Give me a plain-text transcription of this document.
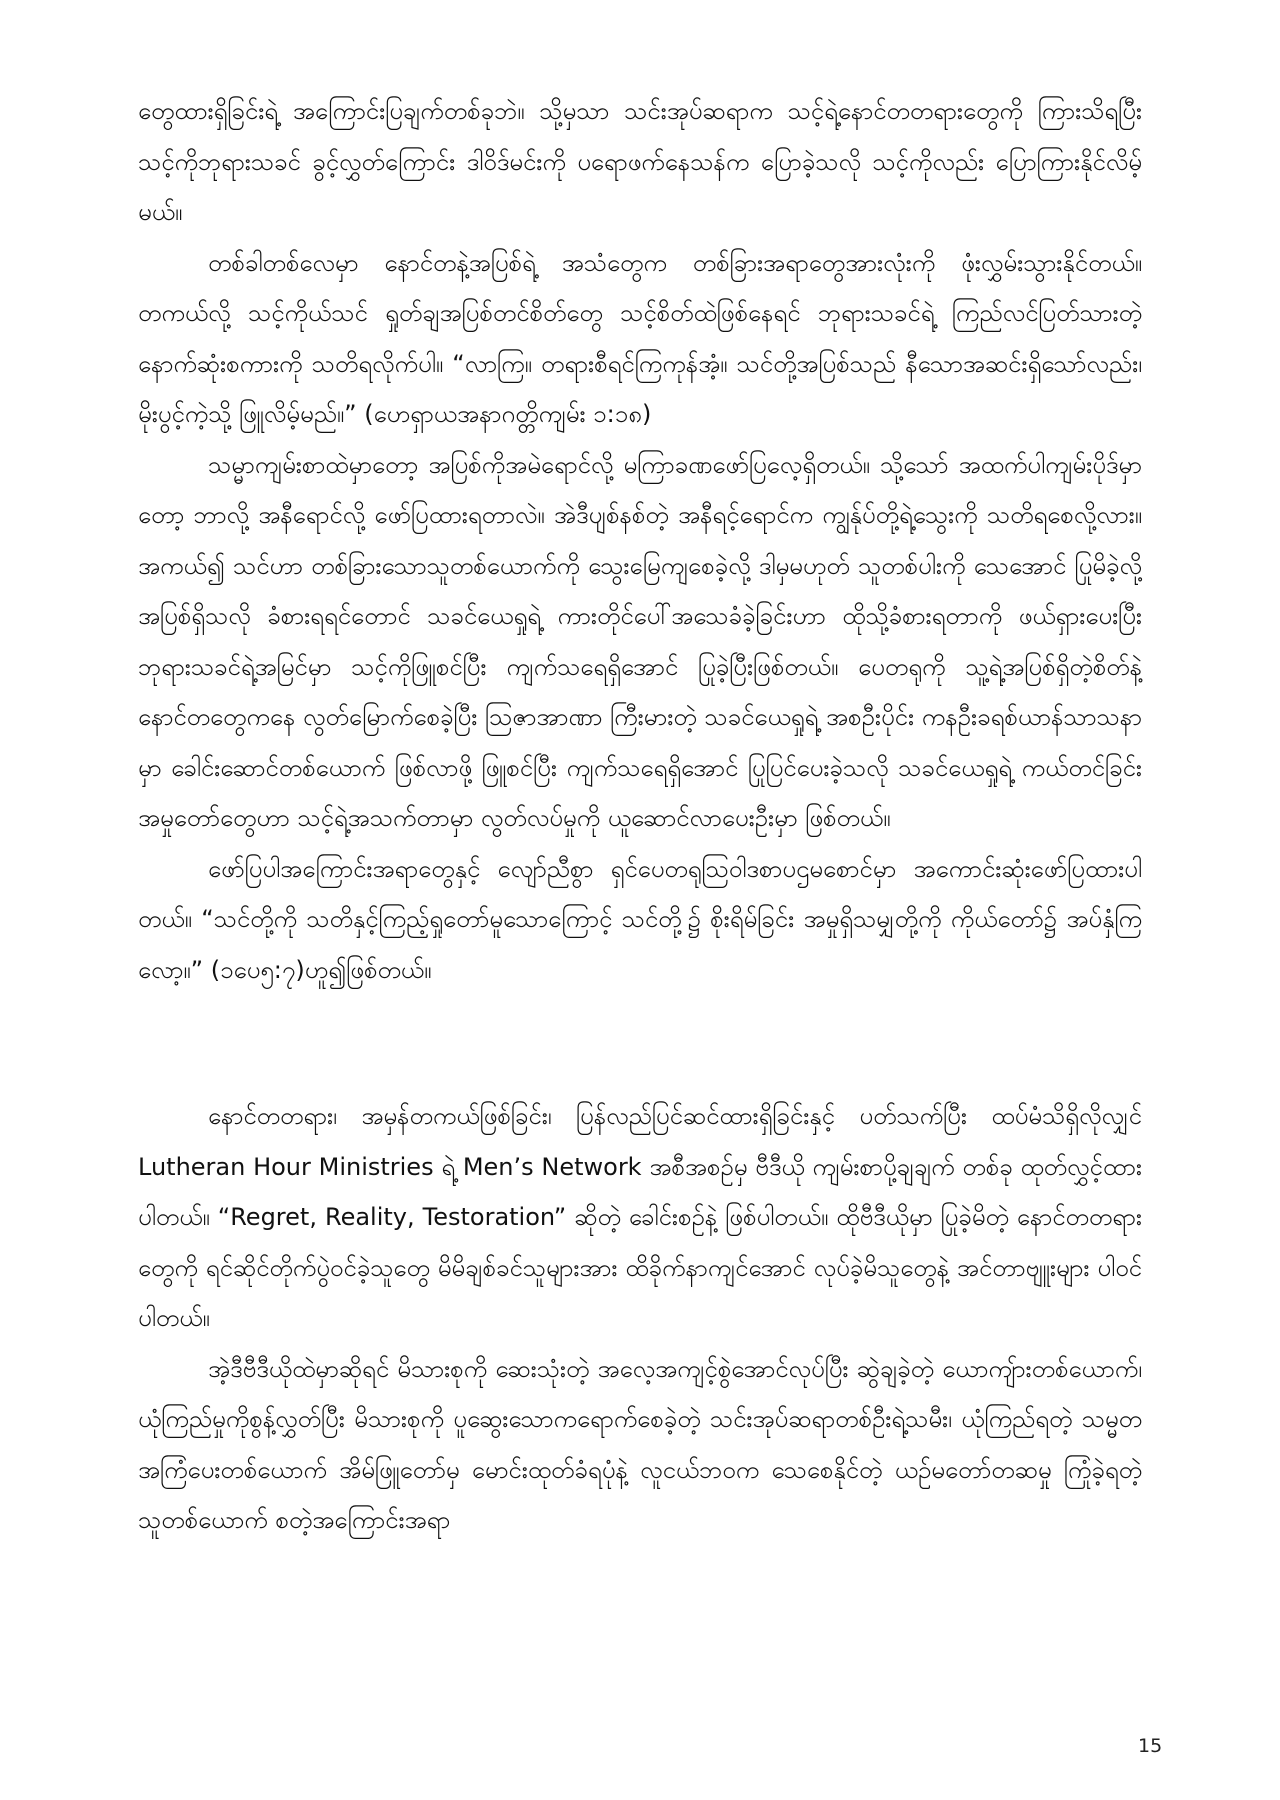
တွေထားရှိခြင်းရဲ့ အကြောင်းပြချက်တစ်ခုဘဲ။ သို့မှသာ သင်းအုပ်ဆရာက သင့်ရဲ့နောင်တတရားတွေကို ကြားသိရပြီး သင့်ကိုဘုရားသခင် ခွင့်လွှတ်ကြောင်း ဒါဝိဒ်မင်းကို ပရောဖက်နေသန်က ပြောခဲ့သလို သင့်ကိုလည်း ပြောကြားနိုင်လိမ့်မယ်။

တစ်ခါတစ်လေမှာ နောင်တနဲ့အပြစ်ရဲ့ အသံတွေက တစ်ခြားအရာတွေအားလုံးကို ဖုံးလွှမ်းသွားနိုင်တယ်။ တကယ်လို့ သင့်ကိုယ်သင် ရှုတ်ချအပြစ်တင်စိတ်တွေ သင့်စိတ်ထဲဖြစ်နေရင် ဘုရားသခင်ရဲ့ ကြည်လင်ပြတ်သားတဲ့ နောက်ဆုံးစကားကို သတိရလိုက်ပါ။ “လာကြ။ တရားစီရင်ကြကုန်အံ့။ သင်တို့အပြစ်သည် နီသောအဆင်းရှိသော်လည်း၊ မိုးပွင့်ကဲ့သို့ ဖြူလိမ့်မည်။” (ဟေရှာယအနာဂတ္တိကျမ်း ၁:၁၈)

သမ္မာကျမ်းစာထဲမှာတော့ အပြစ်ကိုအမဲရောင်လို့ မကြာခဏဖော်ပြလေ့ရှိတယ်။ သို့သော် အထက်ပါကျမ်းပိုဒ်မှာတော့ ဘာလို့ အနီရောင်လို့ ဖော်ပြထားရတာလဲ။ အဲဒီပျစ်နစ်တဲ့ အနီရင့်ရောင်က ကျွန်ုပ်တို့ရဲ့သွေးကို သတိရစေလို့လား။ အကယ်၍ သင်ဟာ တစ်ခြားသောသူတစ်ယောက်ကို သွေးမြေကျစေခဲ့လို့ ဒါမှမဟုတ် သူတစ်ပါးကို သေအောင် ပြုမိခဲ့လို့ အပြစ်ရှိသလို ခံစားရရင်တောင် သခင်ယေရှုရဲ့ ကားတိုင်ပေါ်အသေခံခဲ့ခြင်းဟာ ထိုသို့ခံစားရတာကို ဖယ်ရှားပေးပြီး ဘုရားသခင်ရဲ့အမြင်မှာ သင့်ကိုဖြူစင်ပြီး ကျက်သရေရှိအောင် ပြုခဲ့ပြီးဖြစ်တယ်။ ပေတရုကို သူ့ရဲ့အပြစ်ရှိတဲ့စိတ်နဲ့ နောင်တတွေကနေ လွတ်မြောက်စေခဲ့ပြီး ဩဇာအာဏာ ကြီးမားတဲ့ သခင်ယေရှုရဲ့ အစဦးပိုင်း ကနဦးခရစ်ယာန်သာသနာမှာ ခေါင်းဆောင်တစ်ယောက် ဖြစ်လာဖို့ ဖြူစင်ပြီး ကျက်သရေရှိအောင် ပြုပြင်ပေးခဲ့သလို သခင်ယေရှုရဲ့ ကယ်တင်ခြင်း အမှုတော်တွေဟာ သင့်ရဲ့အသက်တာမှာ လွတ်လပ်မှုကို ယူဆောင်လာပေးဦးမှာ ဖြစ်တယ်။

ဖော်ပြပါအကြောင်းအရာတွေနှင့် လျော်ညီစွာ ရှင်ပေတရုဩဝါဒစာပဌမစောင်မှာ အကောင်းဆုံးဖော်ပြထားပါတယ်။ “သင်တို့ကို သတိနှင့်ကြည့်ရှုတော်မူသောကြောင့် သင်တို့၌ စိုးရိမ်ခြင်း အမှုရှိသမျှတို့ကို ကိုယ်တော်၌ အပ်နှံကြလော့။” (၁ပေ၅:၇)ဟူ၍ဖြစ်တယ်။

နောင်တတရား၊ အမှန်တကယ်ဖြစ်ခြင်း၊ ပြန်လည်ပြင်ဆင်ထားရှိခြင်းနှင့် ပတ်သက်ပြီး ထပ်မံသိရှိလိုလျှင် Lutheran Hour Ministries ရဲ့ Men’s Network အစီအစဉ်မှ ဗီဒီယို ကျမ်းစာပို့ချချက် တစ်ခု ထုတ်လွှင့်ထားပါတယ်။ “Regret, Reality, Testoration” ဆိုတဲ့ ခေါင်းစဉ်နဲ့ ဖြစ်ပါတယ်။ ထိုဗီဒီယိုမှာ ပြုခဲ့မိတဲ့ နောင်တတရားတွေကို ရင်ဆိုင်တိုက်ပွဲဝင်ခဲ့သူတွေ မိမိချစ်ခင်သူများအား ထိခိုက်နာကျင်အောင် လုပ်ခဲ့မိသူတွေနဲ့ အင်တာဗျူးများ ပါဝင်ပါတယ်။

အဲ့ဒီဗီဒီယိုထဲမှာဆိုရင် မိသားစုကို ဆေးသုံးတဲ့ အလေ့အကျင့်စွဲအောင်လုပ်ပြီး ဆွဲချခဲ့တဲ့ ယောကျ်ားတစ်ယောက်၊ ယုံကြည်မှုကိုစွန့်လွှတ်ပြီး မိသားစုကို ပူဆွေးသောကရောက်စေခဲ့တဲ့ သင်းအုပ်ဆရာတစ်ဦးရဲ့သမီး၊ ယုံကြည်ရတဲ့ သမ္မတအကြံပေးတစ်ယောက် အိမ်ဖြူတော်မှ မောင်းထုတ်ခံရပုံနဲ့ လူငယ်ဘဝက သေစေနိုင်တဲ့ ယဉ်မတော်တဆမှု ကြုံခဲ့ရတဲ့ သူတစ်ယောက် စတဲ့အကြောင်းအရာ

15
